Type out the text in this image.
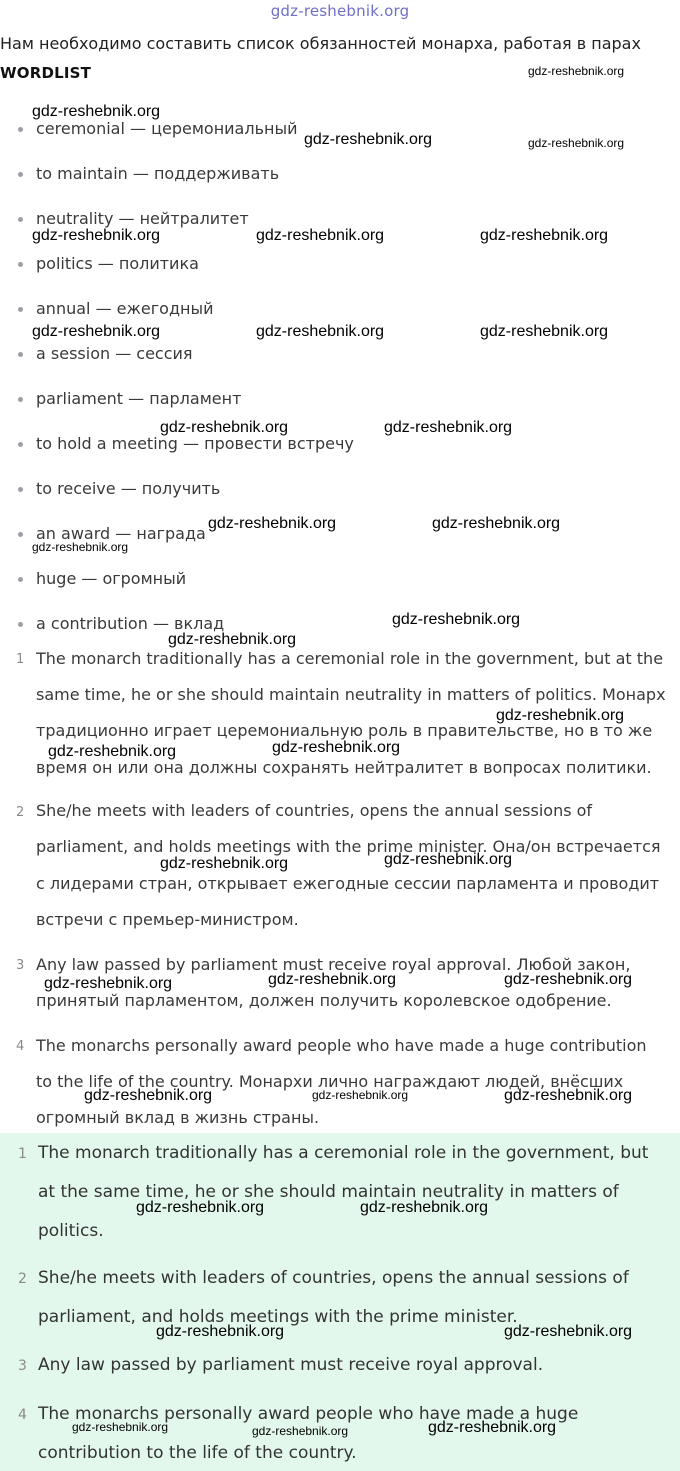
gdz-reshebnik.org
Нам необходимо составить список обязанностей монарха, работая в парах
WORDLIST
ceremonial — церемониальный
to maintain — поддерживать
neutrality — нейтралитет
politics — политика
annual — ежегодный
a session — сессия
parliament — парламент
to hold a meeting — провести встречу
to receive — получить
an award — награда
huge — огромный
a contribution — вклад
1 The monarch traditionally has a ceremonial role in the government, but at the
same time, he or she should maintain neutrality in matters of politics. Монарх
традиционно играет церемониальную роль в правительстве, но в то же
время он или она должны сохранять нейтралитет в вопросах политики.
2 She/he meets with leaders of countries, opens the annual sessions of
parliament, and holds meetings with the prime minister. Она/он встречается
с лидерами стран, открывает ежегодные сессии парламента и проводит
встречи с премьер-министром.
3 Any law passed by parliament must receive royal approval. Любой закон,
принятый парламентом, должен получить королевское одобрение.
4 The monarchs personally award people who have made a huge contribution
to the life of the country. Монархи лично награждают людей, внёсших
огромный вклад в жизнь страны.
1 The monarch traditionally has a ceremonial role in the government, but
at the same time, he or she should maintain neutrality in matters of
politics.
2 She/he meets with leaders of countries, opens the annual sessions of
parliament, and holds meetings with the prime minister.
3 Any law passed by parliament must receive royal approval.
4 The monarchs personally award people who have made a huge
contribution to the life of the country.
gdz-reshebnik.org
gdz-reshebnik.org
gdz-reshebnik.org	gdz-reshebnik.org
gdz-reshebnik.org	gdz-reshebnik.org	gdz-reshebnik.org
gdz-reshebnik.org	gdz-reshebnik.org	gdz-reshebnik.org
gdz-reshebnik.org	gdz-reshebnik.org
gdz-reshebnik.org	gdz-reshebnik.org
gdz-reshebnik.org
gdz-reshebnik.org
gdz-reshebnik.org
gdz-reshebnik.org
gdz-reshebnik.org	gdz-reshebnik.org
gdz-reshebnik.org	gdz-reshebnik.org
gdz-reshebnik.org	gdz-reshebnik.org	gdz-reshebnik.org
gdz-reshebnik.org	gdz-reshebnik.org	gdz-reshebnik.org
gdz-reshebnik.org	gdz-reshebnik.org
gdz-reshebnik.org	gdz-reshebnik.org
gdz-reshebnik.org	gdz-reshebnik.org	gdz-reshebnik.org
